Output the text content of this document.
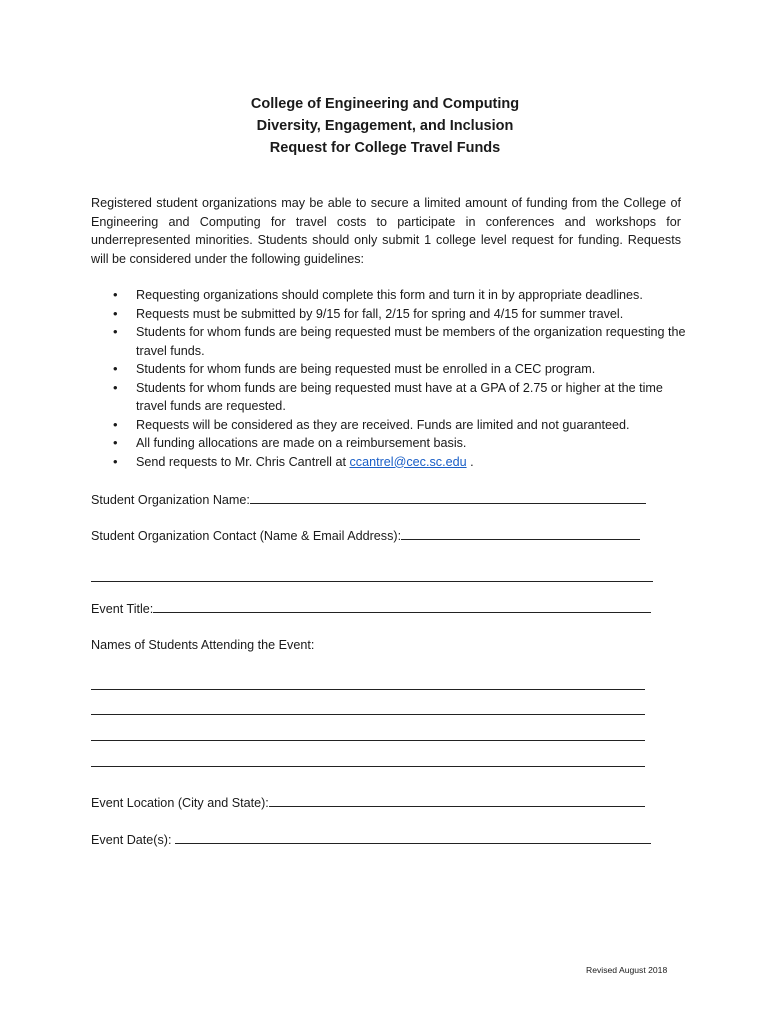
College of Engineering and Computing
Diversity, Engagement, and Inclusion
Request for College Travel Funds
Registered student organizations may be able to secure a limited amount of funding from the College of Engineering and Computing for travel costs to participate in conferences and workshops for underrepresented minorities. Students should only submit 1 college level request for funding. Requests will be considered under the following guidelines:
• Requesting organizations should complete this form and turn it in by appropriate deadlines.
• Requests must be submitted by 9/15 for fall, 2/15 for spring and 4/15 for summer travel.
• Students for whom funds are being requested must be members of the organization requesting the travel funds.
• Students for whom funds are being requested must be enrolled in a CEC program.
• Students for whom funds are being requested must have at a GPA of 2.75 or higher at the time travel funds are requested.
• Requests will be considered as they are received. Funds are limited and not guaranteed.
• All funding allocations are made on a reimbursement basis.
• Send requests to Mr. Chris Cantrell at ccantrel@cec.sc.edu .
Student Organization Name:
Student Organization Contact (Name & Email Address):
Event Title:
Names of Students Attending the Event:
Event Location (City and State):
Event Date(s):
Revised August 2018
